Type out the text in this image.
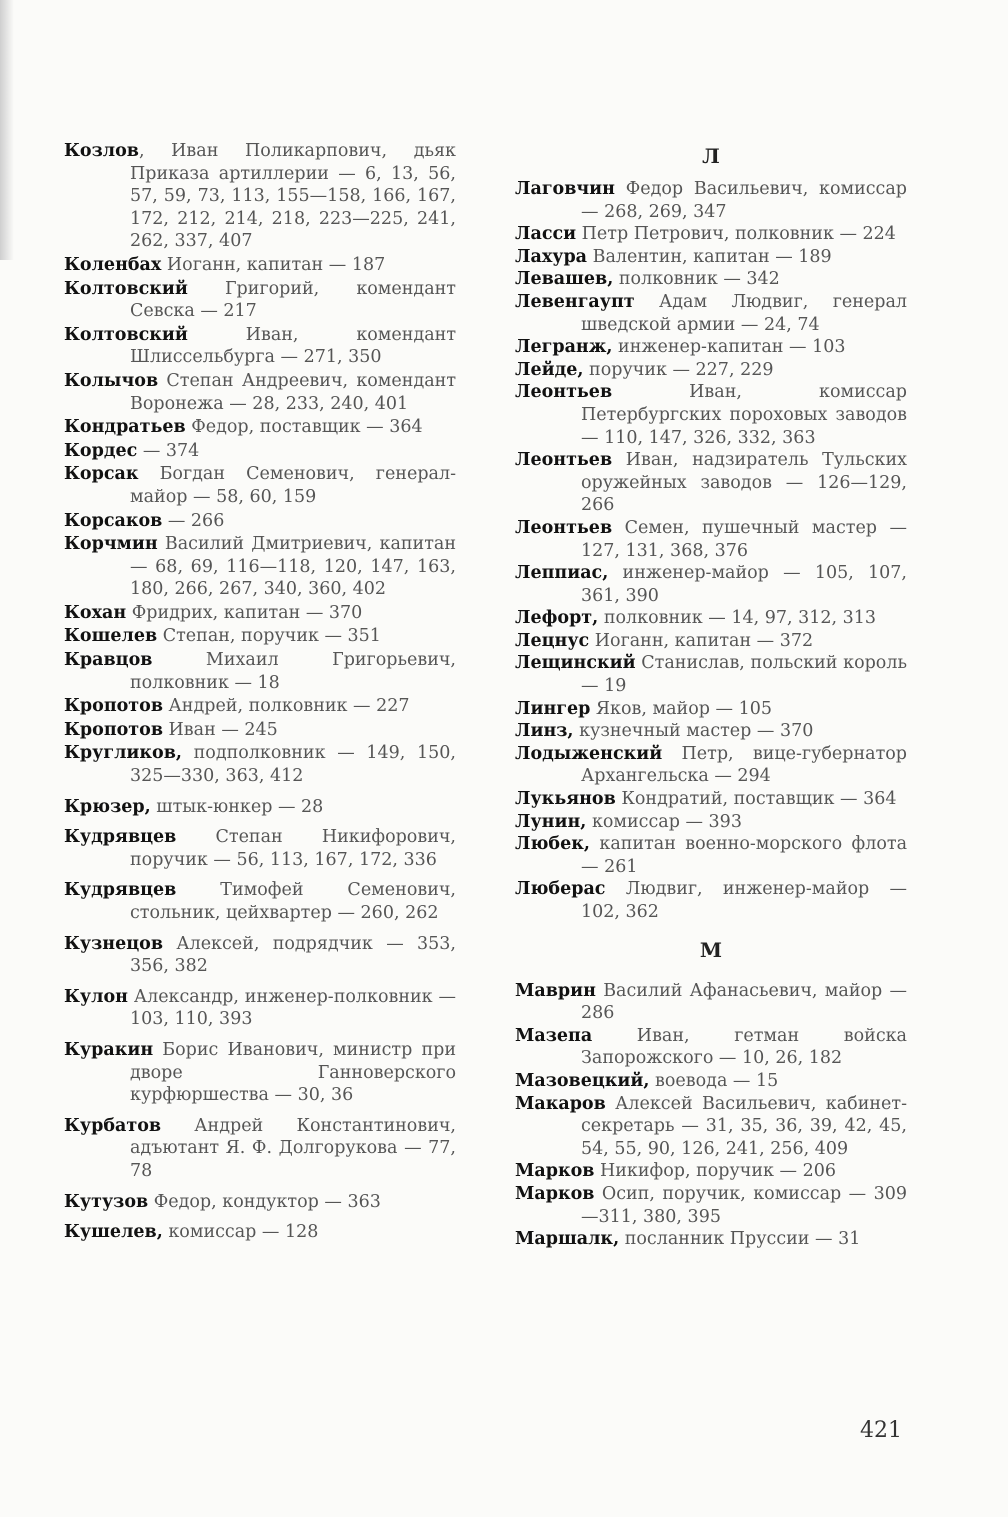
Козлов, Иван Поликарпович, дьяк Приказа артиллерии — 6, 13, 56, 57, 59, 73, 113, 155—158, 166, 167, 172, 212, 214, 218, 223—225, 241, 262, 337, 407
Коленбах Иоганн, капитан — 187
Колтовский Григорий, комендант Севска — 217
Колтовский Иван, комендант Шлиссельбурга — 271, 350
Колычов Степан Андреевич, комендант Воронежа — 28, 233, 240, 401
Кондратьев Федор, поставщик — 364
Кордес — 374
Корсак Богдан Семенович, генерал-майор — 58, 60, 159
Корсаков — 266
Корчмин Василий Дмитриевич, капитан — 68, 69, 116—118, 120, 147, 163, 180, 266, 267, 340, 360, 402
Кохан Фридрих, капитан — 370
Кошелев Степан, поручик — 351
Кравцов Михаил Григорьевич, полковник — 18
Кропотов Андрей, полковник — 227
Кропотов Иван — 245
Кругликов, подполковник — 149, 150, 325—330, 363, 412
Крюзер, штык-юнкер — 28
Кудрявцев Степан Никифорович, поручик — 56, 113, 167, 172, 336
Кудрявцев Тимофей Семенович, стольник, цейхвартер — 260, 262
Кузнецов Алексей, подрядчик — 353, 356, 382
Кулон Александр, инженер-полковник — 103, 110, 393
Куракин Борис Иванович, министр при дворе Ганноверского курфюршества — 30, 36
Курбатов Андрей Константинович, адъютант Я. Ф. Долгорукова — 77, 78
Кутузов Федор, кондуктор — 363
Кушелев, комиссар — 128
Л
Лаговчин Федор Васильевич, комиссар — 268, 269, 347
Ласси Петр Петрович, полковник — 224
Лахура Валентин, капитан — 189
Левашев, полковник — 342
Левенгаупт Адам Людвиг, генерал шведской армии — 24, 74
Легранж, инженер-капитан — 103
Лейде, поручик — 227, 229
Леонтьев Иван, комиссар Петербургских пороховых заводов — 110, 147, 326, 332, 363
Леонтьев Иван, надзиратель Тульских оружейных заводов — 126—129, 266
Леонтьев Семен, пушечный мастер — 127, 131, 368, 376
Леппиас, инженер-майор — 105, 107, 361, 390
Лефорт, полковник — 14, 97, 312, 313
Лецнус Иоганн, капитан — 372
Лещинский Станислав, польский король — 19
Лингер Яков, майор — 105
Линз, кузнечный мастер — 370
Лодыженский Петр, вице-губернатор Архангельска — 294
Лукьянов Кондратий, поставщик — 364
Лунин, комиссар — 393
Любек, капитан военно-морского флота — 261
Люберас Людвиг, инженер-майор — 102, 362
М
Маврин Василий Афанасьевич, майор — 286
Мазепа Иван, гетман войска Запорожского — 10, 26, 182
Мазовецкий, воевода — 15
Макаров Алексей Васильевич, кабинет-секретарь — 31, 35, 36, 39, 42, 45, 54, 55, 90, 126, 241, 256, 409
Марков Никифор, поручик — 206
Марков Осип, поручик, комиссар — 309—311, 380, 395
Маршалк, посланник Пруссии — 31
421
